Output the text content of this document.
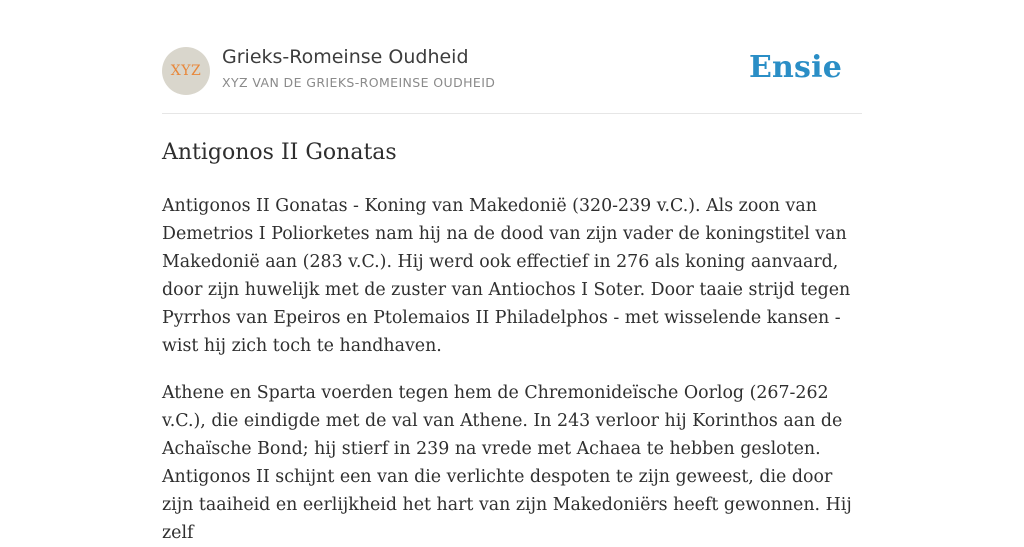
XYZ
Grieks-Romeinse Oudheid
XYZ VAN DE GRIEKS-ROMEINSE OUDHEID	Ensie
Antigonos II Gonatas

Antigonos II Gonatas - Koning van Makedonië (320-239 v.C.). Als zoon van Demetrios I Poliorketes nam hij na de dood van zijn vader de koningstitel van Makedonië aan (283 v.C.). Hij werd ook effectief in 276 als koning aanvaard, door zijn huwelijk met de zuster van Antiochos I Soter. Door taaie strijd tegen Pyrrhos van Epeiros en Ptolemaios II Philadelphos - met wisselende kansen - wist hij zich toch te handhaven.

Athene en Sparta voerden tegen hem de Chremonideïsche Oorlog (267-262 v.C.), die eindigde met de val van Athene. In 243 verloor hij Korinthos aan de Achaïsche Bond; hij stierf in 239 na vrede met Achaea te hebben gesloten. Antigonos II schijnt een van die verlichte despoten te zijn geweest, die door zijn taaiheid en eerlijkheid het hart van zijn Makedoniërs heeft gewonnen. Hij zelf
